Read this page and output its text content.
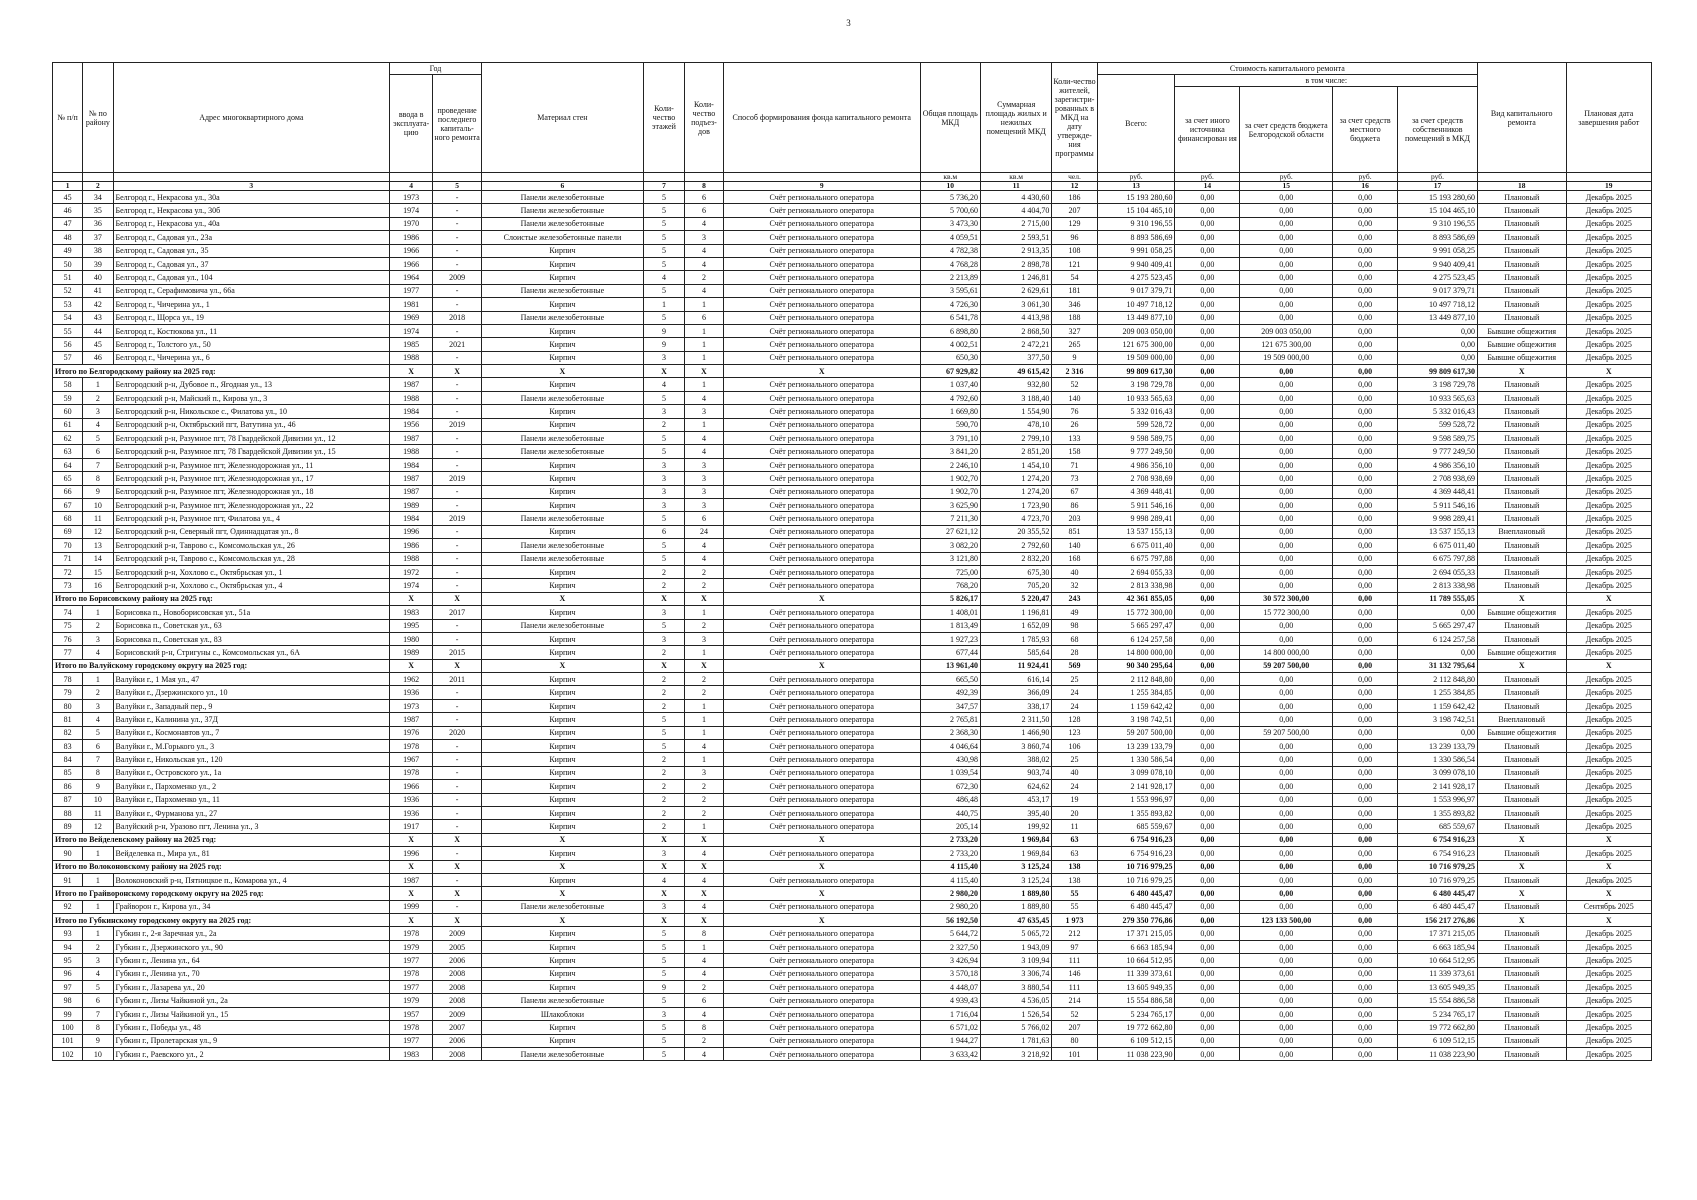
3
№ п/п	№ по району	Адрес многоквартирного дома	Год		Материал стен	Коли-чество этажей	Коли-чество подъез-дов	Способ формирования фонда капитального ремонта	Общая площадь МКД	Суммарная площадь жилых и нежилых помещений МКД	Коли-чество жителей, зарегистри-рованных в МКД на дату утвержде-ния программы	Стоимость капитального ремонта					Вид капитального ремонта	Плановая дата завершения работ
			ввода в эксплуата-цию	проведение последнего капиталь-ного ремонта								Всего:	в том числе:					
													за счет иного источника финансирован ия	за счет средств бюджета Белгородской области	за счет средств местного бюджета	за счет средств собственников помещений в МКД		
									кв.м	кв.м	чел.	руб.	руб.	руб.	руб.	руб.		
1	2	3	4	5	6	7	8	9	10	11	12	13	14	15	16	17	18	19
45	34	Белгород г., Некрасова ул., 30а	1973	-	Панели железобетонные	5	6	Счёт регионального оператора	5 736,20	4 430,60	186	15 193 280,60	0,00	0,00	0,00	15 193 280,60	Плановый	Декабрь 2025
46	35	Белгород г., Некрасова ул., 30б	1974	-	Панели железобетонные	5	6	Счёт регионального оператора	5 700,60	4 404,70	207	15 104 465,10	0,00	0,00	0,00	15 104 465,10	Плановый	Декабрь 2025
47	36	Белгород г., Некрасова ул., 40а	1970	-	Панели железобетонные	5	4	Счёт регионального оператора	3 473,30	2 715,00	129	9 310 196,55	0,00	0,00	0,00	9 310 196,55	Плановый	Декабрь 2025
48	37	Белгород г., Садовая ул., 23а	1986	-	Слоистые железобетонные панели	5	3	Счёт регионального оператора	4 059,51	2 593,51	96	8 893 586,69	0,00	0,00	0,00	8 893 586,69	Плановый	Декабрь 2025
49	38	Белгород г., Садовая ул., 35	1966	-	Кирпич	5	4	Счёт регионального оператора	4 782,38	2 913,35	108	9 991 058,25	0,00	0,00	0,00	9 991 058,25	Плановый	Декабрь 2025
50	39	Белгород г., Садовая ул., 37	1966	-	Кирпич	5	4	Счёт регионального оператора	4 768,28	2 898,78	121	9 940 409,41	0,00	0,00	0,00	9 940 409,41	Плановый	Декабрь 2025
51	40	Белгород г., Садовая ул., 104	1964	2009	Кирпич	4	2	Счёт регионального оператора	2 213,89	1 246,81	54	4 275 523,45	0,00	0,00	0,00	4 275 523,45	Плановый	Декабрь 2025
52	41	Белгород г., Серафимовича ул., 66а	1977	-	Панели железобетонные	5	4	Счёт регионального оператора	3 595,61	2 629,61	181	9 017 379,71	0,00	0,00	0,00	9 017 379,71	Плановый	Декабрь 2025
53	42	Белгород г., Чичерина ул., 1	1981	-	Кирпич	1	1	Счёт регионального оператора	4 726,30	3 061,30	346	10 497 718,12	0,00	0,00	0,00	10 497 718,12	Плановый	Декабрь 2025
54	43	Белгород г., Щорса ул., 19	1969	2018	Панели железобетонные	5	6	Счёт регионального оператора	6 541,78	4 413,98	188	13 449 877,10	0,00	0,00	0,00	13 449 877,10	Плановый	Декабрь 2025
55	44	Белгород г., Костюкова ул., 11	1974	-	Кирпич	9	1	Счёт регионального оператора	6 898,80	2 868,50	327	209 003 050,00	0,00	209 003 050,00	0,00	0,00	Бывшие общежития	Декабрь 2025
56	45	Белгород г., Толстого ул., 50	1985	2021	Кирпич	9	1	Счёт регионального оператора	4 002,51	2 472,21	265	121 675 300,00	0,00	121 675 300,00	0,00	0,00	Бывшие общежития	Декабрь 2025
57	46	Белгород г., Чичерина ул., 6	1988	-	Кирпич	3	1	Счёт регионального оператора	650,30	377,50	9	19 509 000,00	0,00	19 509 000,00	0,00	0,00	Бывшие общежития	Декабрь 2025
Итого по Белгородскому району на 2025 год:			X	X	X	X	X	X	67 929,82	49 615,42	2 316	99 809 617,30	0,00	0,00	0,00	99 809 617,30	X	X
58	1	Белгородский р-н, Дубовое п., Ягодная ул., 13	1987	-	Кирпич	4	1	Счёт регионального оператора	1 037,40	932,80	52	3 198 729,78	0,00	0,00	0,00	3 198 729,78	Плановый	Декабрь 2025
59	2	Белгородский р-н, Майский п., Кирова ул., 3	1988	-	Панели железобетонные	5	4	Счёт регионального оператора	4 792,60	3 188,40	140	10 933 565,63	0,00	0,00	0,00	10 933 565,63	Плановый	Декабрь 2025
60	3	Белгородский р-н, Никольское с., Филатова ул., 10	1984	-	Кирпич	3	3	Счёт регионального оператора	1 669,80	1 554,90	76	5 332 016,43	0,00	0,00	0,00	5 332 016,43	Плановый	Декабрь 2025
61	4	Белгородский р-н, Октябрьский пгт, Ватутина ул., 46	1956	2019	Кирпич	2	1	Счёт регионального оператора	590,70	478,10	26	599 528,72	0,00	0,00	0,00	599 528,72	Плановый	Декабрь 2025
62	5	Белгородский р-н, Разумное пгт, 78 Гвардейской Дивизии ул., 12	1987	-	Панели железобетонные	5	4	Счёт регионального оператора	3 791,10	2 799,10	133	9 598 589,75	0,00	0,00	0,00	9 598 589,75	Плановый	Декабрь 2025
63	6	Белгородский р-н, Разумное пгт, 78 Гвардейской Дивизии ул., 15	1988	-	Панели железобетонные	5	4	Счёт регионального оператора	3 841,20	2 851,20	158	9 777 249,50	0,00	0,00	0,00	9 777 249,50	Плановый	Декабрь 2025
64	7	Белгородский р-н, Разумное пгт, Железнодорожная ул., 11	1984	-	Кирпич	3	3	Счёт регионального оператора	2 246,10	1 454,10	71	4 986 356,10	0,00	0,00	0,00	4 986 356,10	Плановый	Декабрь 2025
65	8	Белгородский р-н, Разумное пгт, Железнодорожная ул., 17	1987	2019	Кирпич	3	3	Счёт регионального оператора	1 902,70	1 274,20	73	2 708 938,69	0,00	0,00	0,00	2 708 938,69	Плановый	Декабрь 2025
66	9	Белгородский р-н, Разумное пгт, Железнодорожная ул., 18	1987	-	Кирпич	3	3	Счёт регионального оператора	1 902,70	1 274,20	67	4 369 448,41	0,00	0,00	0,00	4 369 448,41	Плановый	Декабрь 2025
67	10	Белгородский р-н, Разумное пгт, Железнодорожная ул., 22	1989	-	Кирпич	3	3	Счёт регионального оператора	3 625,90	1 723,90	86	5 911 546,16	0,00	0,00	0,00	5 911 546,16	Плановый	Декабрь 2025
68	11	Белгородский р-н, Разумное пгт, Филатова ул., 4	1984	2019	Панели железобетонные	5	6	Счёт регионального оператора	7 211,30	4 723,70	203	9 998 289,41	0,00	0,00	0,00	9 998 289,41	Плановый	Декабрь 2025
69	12	Белгородский р-н, Северный пгт, Одиннадцатая ул., 8	1996	-	Кирпич	6	24	Счёт регионального оператора	27 621,12	20 355,52	851	13 537 155,13	0,00	0,00	0,00	13 537 155,13	Внеплановый	Декабрь 2025
70	13	Белгородский р-н, Таврово с., Комсомольская ул., 26	1986	-	Панели железобетонные	5	4	Счёт регионального оператора	3 082,20	2 792,60	140	6 675 011,40	0,00	0,00	0,00	6 675 011,40	Плановый	Декабрь 2025
71	14	Белгородский р-н, Таврово с., Комсомольская ул., 28	1988	-	Панели железобетонные	5	4	Счёт регионального оператора	3 121,80	2 832,20	168	6 675 797,88	0,00	0,00	0,00	6 675 797,88	Плановый	Декабрь 2025
72	15	Белгородский р-н, Хохлово с., Октябрьская ул., 1	1972	-	Кирпич	2	2	Счёт регионального оператора	725,00	675,30	40	2 694 055,33	0,00	0,00	0,00	2 694 055,33	Плановый	Декабрь 2025
73	16	Белгородский р-н, Хохлово с., Октябрьская ул., 4	1974	-	Кирпич	2	2	Счёт регионального оператора	768,20	705,20	32	2 813 338,98	0,00	0,00	0,00	2 813 338,98	Плановый	Декабрь 2025
Итого по Борисовскому району на 2025 год:			X	X	X	X	X	X	5 826,17	5 220,47	243	42 361 855,05	0,00	30 572 300,00	0,00	11 789 555,05	X	X
74	1	Борисовка п., Новоборисовская ул., 51а	1983	2017	Кирпич	3	1	Счёт регионального оператора	1 408,01	1 196,81	49	15 772 300,00	0,00	15 772 300,00	0,00	0,00	Бывшие общежития	Декабрь 2025
75	2	Борисовка п., Советская ул., 63	1995	-	Панели железобетонные	5	2	Счёт регионального оператора	1 813,49	1 652,09	98	5 665 297,47	0,00	0,00	0,00	5 665 297,47	Плановый	Декабрь 2025
76	3	Борисовка п., Советская ул., 83	1980	-	Кирпич	3	3	Счёт регионального оператора	1 927,23	1 785,93	68	6 124 257,58	0,00	0,00	0,00	6 124 257,58	Плановый	Декабрь 2025
77	4	Борисовский р-н, Стригуны с., Комсомольская ул., 6А	1989	2015	Кирпич	2	1	Счёт регионального оператора	677,44	585,64	28	14 800 000,00	0,00	14 800 000,00	0,00	0,00	Бывшие общежития	Декабрь 2025
Итого по Валуйскому городскому округу на 2025 год:			X	X	X	X	X	X	13 961,40	11 924,41	569	90 340 295,64	0,00	59 207 500,00	0,00	31 132 795,64	X	X
78	1	Валуйки г., 1 Мая ул., 47	1962	2011	Кирпич	2	2	Счёт регионального оператора	665,50	616,14	25	2 112 848,80	0,00	0,00	0,00	2 112 848,80	Плановый	Декабрь 2025
79	2	Валуйки г., Дзержинского ул., 10	1936	-	Кирпич	2	2	Счёт регионального оператора	492,39	366,09	24	1 255 384,85	0,00	0,00	0,00	1 255 384,85	Плановый	Декабрь 2025
80	3	Валуйки г., Западный пер., 9	1973	-	Кирпич	2	1	Счёт регионального оператора	347,57	338,17	24	1 159 642,42	0,00	0,00	0,00	1 159 642,42	Плановый	Декабрь 2025
81	4	Валуйки г., Калинина ул., 37Д	1987	-	Кирпич	5	1	Счёт регионального оператора	2 765,81	2 311,50	128	3 198 742,51	0,00	0,00	0,00	3 198 742,51	Внеплановый	Декабрь 2025
82	5	Валуйки г., Космонавтов ул., 7	1976	2020	Кирпич	5	1	Счёт регионального оператора	2 368,30	1 466,90	123	59 207 500,00	0,00	59 207 500,00	0,00	0,00	Бывшие общежития	Декабрь 2025
83	6	Валуйки г., М.Горького ул., 3	1978	-	Кирпич	5	4	Счёт регионального оператора	4 046,64	3 860,74	106	13 239 133,79	0,00	0,00	0,00	13 239 133,79	Плановый	Декабрь 2025
84	7	Валуйки г., Никольская ул., 120	1967	-	Кирпич	2	1	Счёт регионального оператора	430,98	388,02	25	1 330 586,54	0,00	0,00	0,00	1 330 586,54	Плановый	Декабрь 2025
85	8	Валуйки г., Островского ул., 1а	1978	-	Кирпич	2	3	Счёт регионального оператора	1 039,54	903,74	40	3 099 078,10	0,00	0,00	0,00	3 099 078,10	Плановый	Декабрь 2025
86	9	Валуйки г., Пархоменко ул., 2	1966	-	Кирпич	2	2	Счёт регионального оператора	672,30	624,62	24	2 141 928,17	0,00	0,00	0,00	2 141 928,17	Плановый	Декабрь 2025
87	10	Валуйки г., Пархоменко ул., 11	1936	-	Кирпич	2	2	Счёт регионального оператора	486,48	453,17	19	1 553 996,97	0,00	0,00	0,00	1 553 996,97	Плановый	Декабрь 2025
88	11	Валуйки г., Фурманова ул., 27	1936	-	Кирпич	2	2	Счёт регионального оператора	440,75	395,40	20	1 355 893,82	0,00	0,00	0,00	1 355 893,82	Плановый	Декабрь 2025
89	12	Валуйский р-н, Уразово пгт, Ленина ул., 3	1917	-	Кирпич	2	1	Счёт регионального оператора	205,14	199,92	11	685 559,67	0,00	0,00	0,00	685 559,67	Плановый	Декабрь 2025
Итого по Вейделевскому району на 2025 год:			X	X	X	X	X	X	2 733,20	1 969,84	63	6 754 916,23	0,00	0,00	0,00	6 754 916,23	X	X
90	1	Вейделевка п., Мира ул., 81	1996	-	Кирпич	3	4	Счёт регионального оператора	2 733,20	1 969,84	63	6 754 916,23	0,00	0,00	0,00	6 754 916,23	Плановый	Декабрь 2025
Итого по Волоконовскому району на 2025 год:			X	X	X	X	X	X	4 115,40	3 125,24	138	10 716 979,25	0,00	0,00	0,00	10 716 979,25	X	X
91	1	Волоконовский р-н, Пятницкое п., Комарова ул., 4	1987	-	Кирпич	4	4	Счёт регионального оператора	4 115,40	3 125,24	138	10 716 979,25	0,00	0,00	0,00	10 716 979,25	Плановый	Декабрь 2025
Итого по Грайворонскому городскому округу на 2025 год:			X	X	X	X	X	X	2 980,20	1 889,80	55	6 480 445,47	0,00	0,00	0,00	6 480 445,47	X	X
92	1	Грайворон г., Кирова ул., 34	1999	-	Панели железобетонные	3	4	Счёт регионального оператора	2 980,20	1 889,80	55	6 480 445,47	0,00	0,00	0,00	6 480 445,47	Плановый	Сентябрь 2025
Итого по Губкинскому городскому округу на 2025 год:			X	X	X	X	X	X	56 192,50	47 635,45	1 973	279 350 776,86	0,00	123 133 500,00	0,00	156 217 276,86	X	X
93	1	Губкин г., 2-я Заречная ул., 2а	1978	2009	Кирпич	5	8	Счёт регионального оператора	5 644,72	5 065,72	212	17 371 215,05	0,00	0,00	0,00	17 371 215,05	Плановый	Декабрь 2025
94	2	Губкин г., Дзержинского ул., 90	1979	2005	Кирпич	5	1	Счёт регионального оператора	2 327,50	1 943,09	97	6 663 185,94	0,00	0,00	0,00	6 663 185,94	Плановый	Декабрь 2025
95	3	Губкин г., Ленина ул., 64	1977	2006	Кирпич	5	4	Счёт регионального оператора	3 426,94	3 109,94	111	10 664 512,95	0,00	0,00	0,00	10 664 512,95	Плановый	Декабрь 2025
96	4	Губкин г., Ленина ул., 70	1978	2008	Кирпич	5	4	Счёт регионального оператора	3 570,18	3 306,74	146	11 339 373,61	0,00	0,00	0,00	11 339 373,61	Плановый	Декабрь 2025
97	5	Губкин г., Лазарева ул., 20	1977	2008	Кирпич	9	2	Счёт регионального оператора	4 448,07	3 880,54	111	13 605 949,35	0,00	0,00	0,00	13 605 949,35	Плановый	Декабрь 2025
98	6	Губкин г., Лизы Чайкиной ул., 2а	1979	2008	Панели железобетонные	5	6	Счёт регионального оператора	4 939,43	4 536,05	214	15 554 886,58	0,00	0,00	0,00	15 554 886,58	Плановый	Декабрь 2025
99	7	Губкин г., Лизы Чайкиной ул., 15	1957	2009	Шлакоблоки	3	4	Счёт регионального оператора	1 716,04	1 526,54	52	5 234 765,17	0,00	0,00	0,00	5 234 765,17	Плановый	Декабрь 2025
100	8	Губкин г., Победы ул., 48	1978	2007	Кирпич	5	8	Счёт регионального оператора	6 571,02	5 766,02	207	19 772 662,80	0,00	0,00	0,00	19 772 662,80	Плановый	Декабрь 2025
101	9	Губкин г., Пролетарская ул., 9	1977	2006	Кирпич	5	2	Счёт регионального оператора	1 944,27	1 781,63	80	6 109 512,15	0,00	0,00	0,00	6 109 512,15	Плановый	Декабрь 2025
102	10	Губкин г., Раевского ул., 2	1983	2008	Панели железобетонные	5	4	Счёт регионального оператора	3 633,42	3 218,92	101	11 038 223,90	0,00	0,00	0,00	11 038 223,90	Плановый	Декабрь 2025
